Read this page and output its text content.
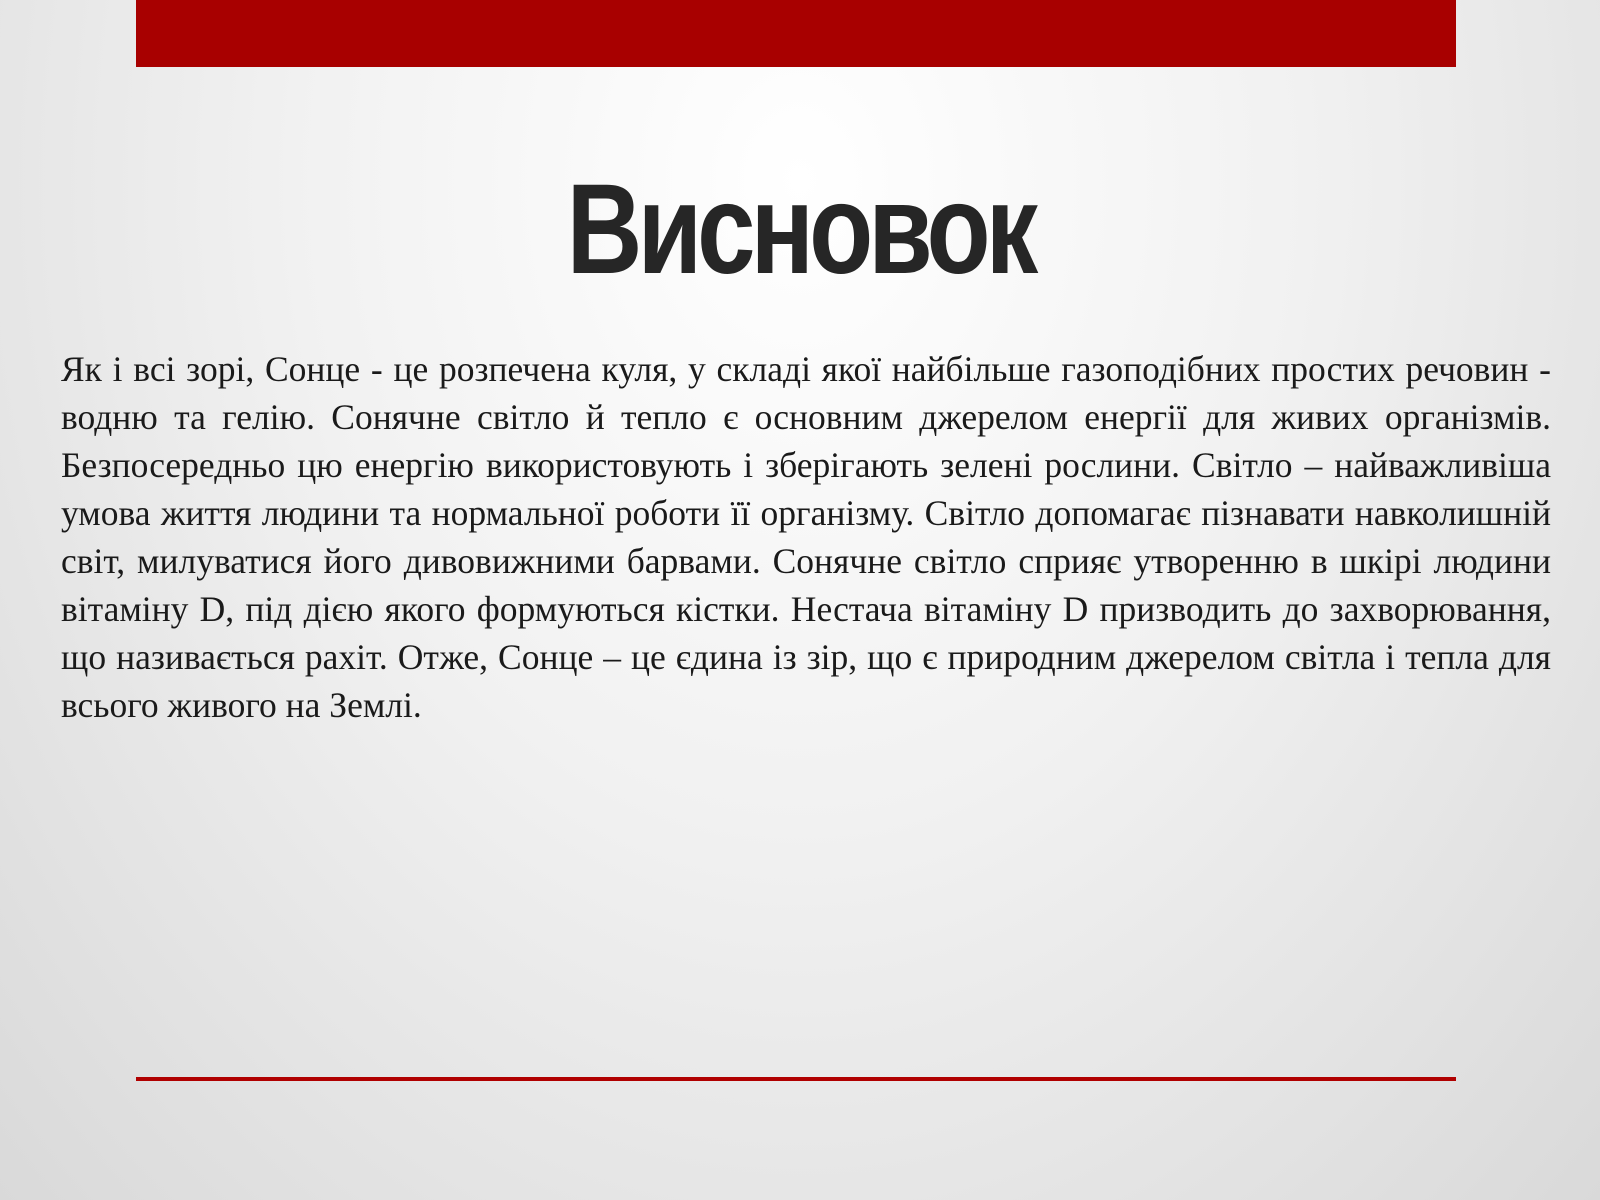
Висновок

Як і всі зорі, Сонце - це розпечена куля, у складі якої найбільше газоподібних простих речовин - водню та гелію. Сонячне світло й тепло є основним джерелом енергії для живих організмів. Безпосередньо цю енергію використовують і зберігають зелені рослини. Світло – найважливіша умова життя людини та нормальної роботи її організму. Світло допомагає пізнавати навколишній світ, милуватися його дивовижними барвами. Сонячне світло сприяє утворенню в шкірі людини вітаміну D, під дією якого формуються кістки. Нестача вітаміну D призводить до захворювання, що називається рахіт. Отже, Сонце – це єдина із зір, що є природним джерелом світла і тепла для всього живого на Землі.
